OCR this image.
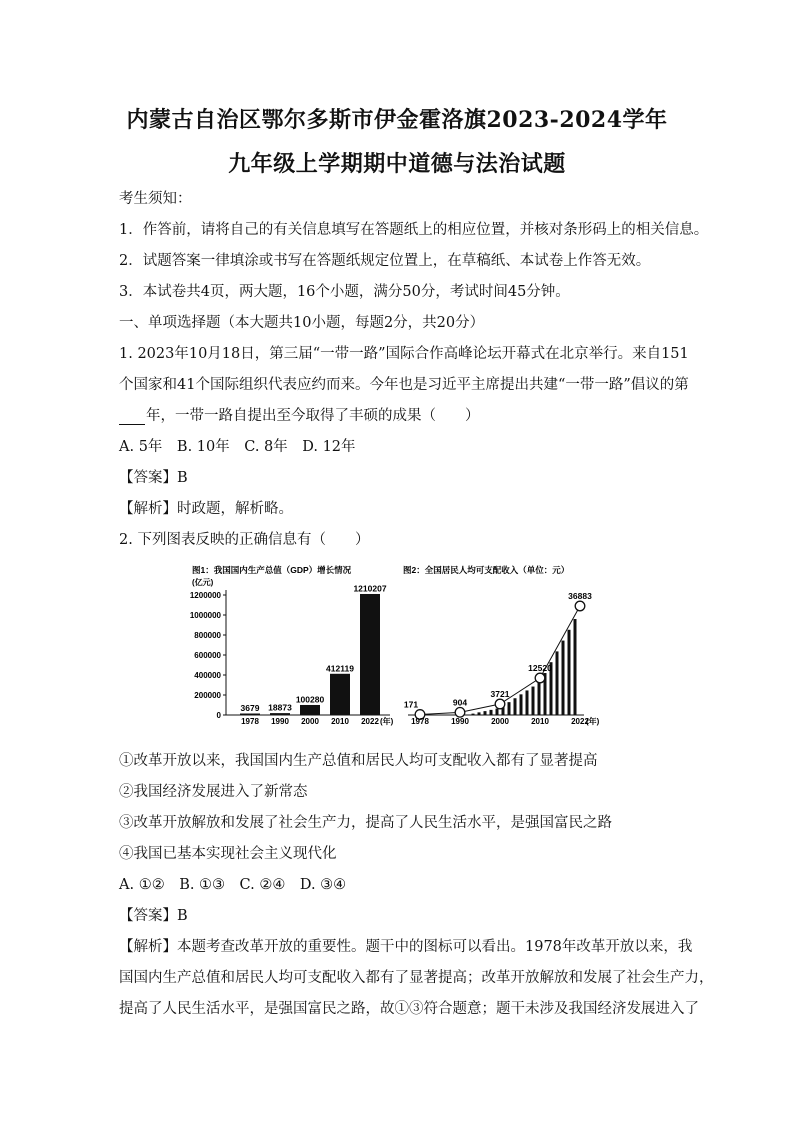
内蒙古自治区鄂尔多斯市伊金霍洛旗2023-2024学年
九年级上学期期中道德与法治试题
考生须知：
1．作答前，请将自己的有关信息填写在答题纸上的相应位置，并核对条形码上的相关信息。
2．试题答案一律填涂或书写在答题纸规定位置上，在草稿纸、本试卷上作答无效。
3．本试卷共4页，两大题，16个小题，满分50分，考试时间45分钟。
一、单项选择题（本大题共10小题，每题2分，共20分）
1. 2023年10月18日，第三届“一带一路”国际合作高峰论坛开幕式在北京举行。来自151
个国家和41个国际组织代表应约而来。今年也是习近平主席提出共建“一带一路”倡议的第
年，一带一路自提出至今取得了丰硕的成果（　　）
A. 5年　B. 10年　C. 8年　D. 12年
【答案】B
【解析】时政题，解析略。
2. 下列图表反映的正确信息有（　　）
图1：我国国内生产总值（GDP）增长情况
(亿元)
(年)
1200000
1000000
800000
600000
400000
200000
0
3679
1978
18873
1990
100280
2000
412119
2010
1210207
2022
图2：全国居民人均可支配收入（单位：元）
(年)
171
1978
904
1990
3721
2000
12520
2010
36883
2022
①改革开放以来，我国国内生产总值和居民人均可支配收入都有了显著提高
②我国经济发展进入了新常态
③改革开放解放和发展了社会生产力，提高了人民生活水平，是强国富民之路
④我国已基本实现社会主义现代化
A. ①②　B. ①③　C. ②④　D. ③④
【答案】B
【解析】本题考查改革开放的重要性。题干中的图标可以看出。1978年改革开放以来，我
国国内生产总值和居民人均可支配收入都有了显著提高；改革开放解放和发展了社会生产力，
提高了人民生活水平，是强国富民之路，故①③符合题意；题干未涉及我国经济发展进入了
